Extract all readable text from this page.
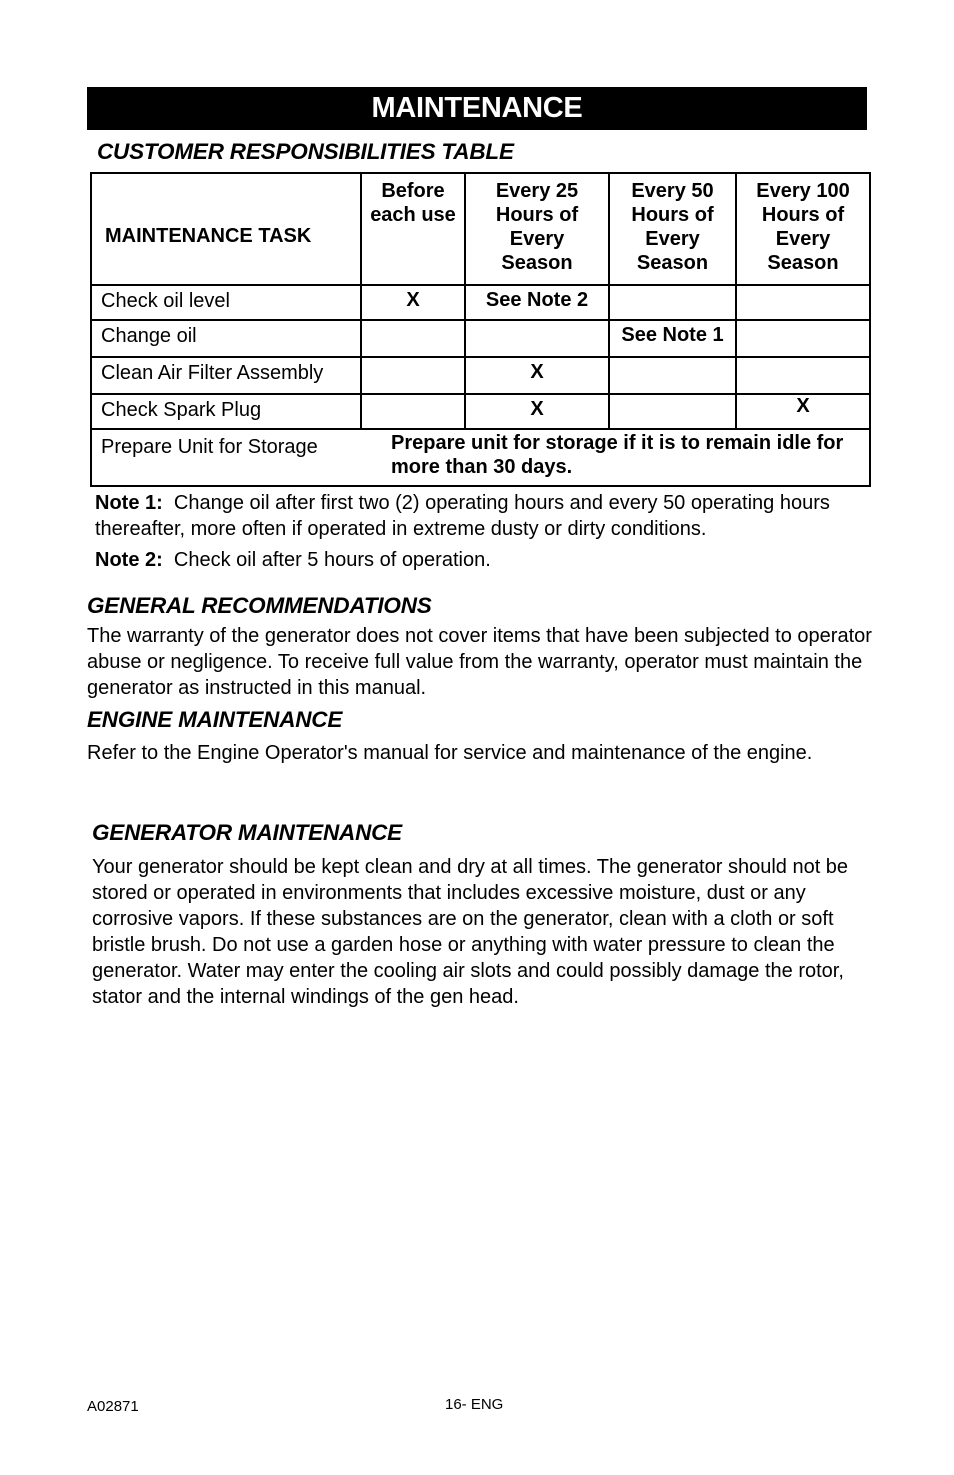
MAINTENANCE
CUSTOMER RESPONSIBILITIES TABLE
MAINTENANCE TASK	Before each use	Every 25 Hours of Every Season	Every 50 Hours of Every Season	Every 100 Hours of Every Season
Check oil level	X	See Note 2		
Change oil			See Note 1	
Clean Air Filter Assembly		X		
Check Spark Plug		X		X
Prepare Unit for Storage	Prepare unit for storage if it is to remain idle for more than 30 days.			

Note 1: Change oil after first two (2) operating hours and every 50 operating hours thereafter, more often if operated in extreme dusty or dirty conditions.

Note 2: Check oil after 5 hours of operation.

GENERAL RECOMMENDATIONS

The warranty of the generator does not cover items that have been subjected to operator abuse or negligence. To receive full value from the warranty, operator must maintain the generator as instructed in this manual.

ENGINE MAINTENANCE

Refer to the Engine Operator's manual for service and maintenance of the engine.

GENERATOR MAINTENANCE

Your generator should be kept clean and dry at all times. The generator should not be stored or operated in environments that includes excessive moisture, dust or any corrosive vapors. If these substances are on the generator, clean with a cloth or soft bristle brush. Do not use a garden hose or anything with water pressure to clean the generator. Water may enter the cooling air slots and could possibly damage the rotor, stator and the internal windings of the gen head.

A02871	16- ENG
